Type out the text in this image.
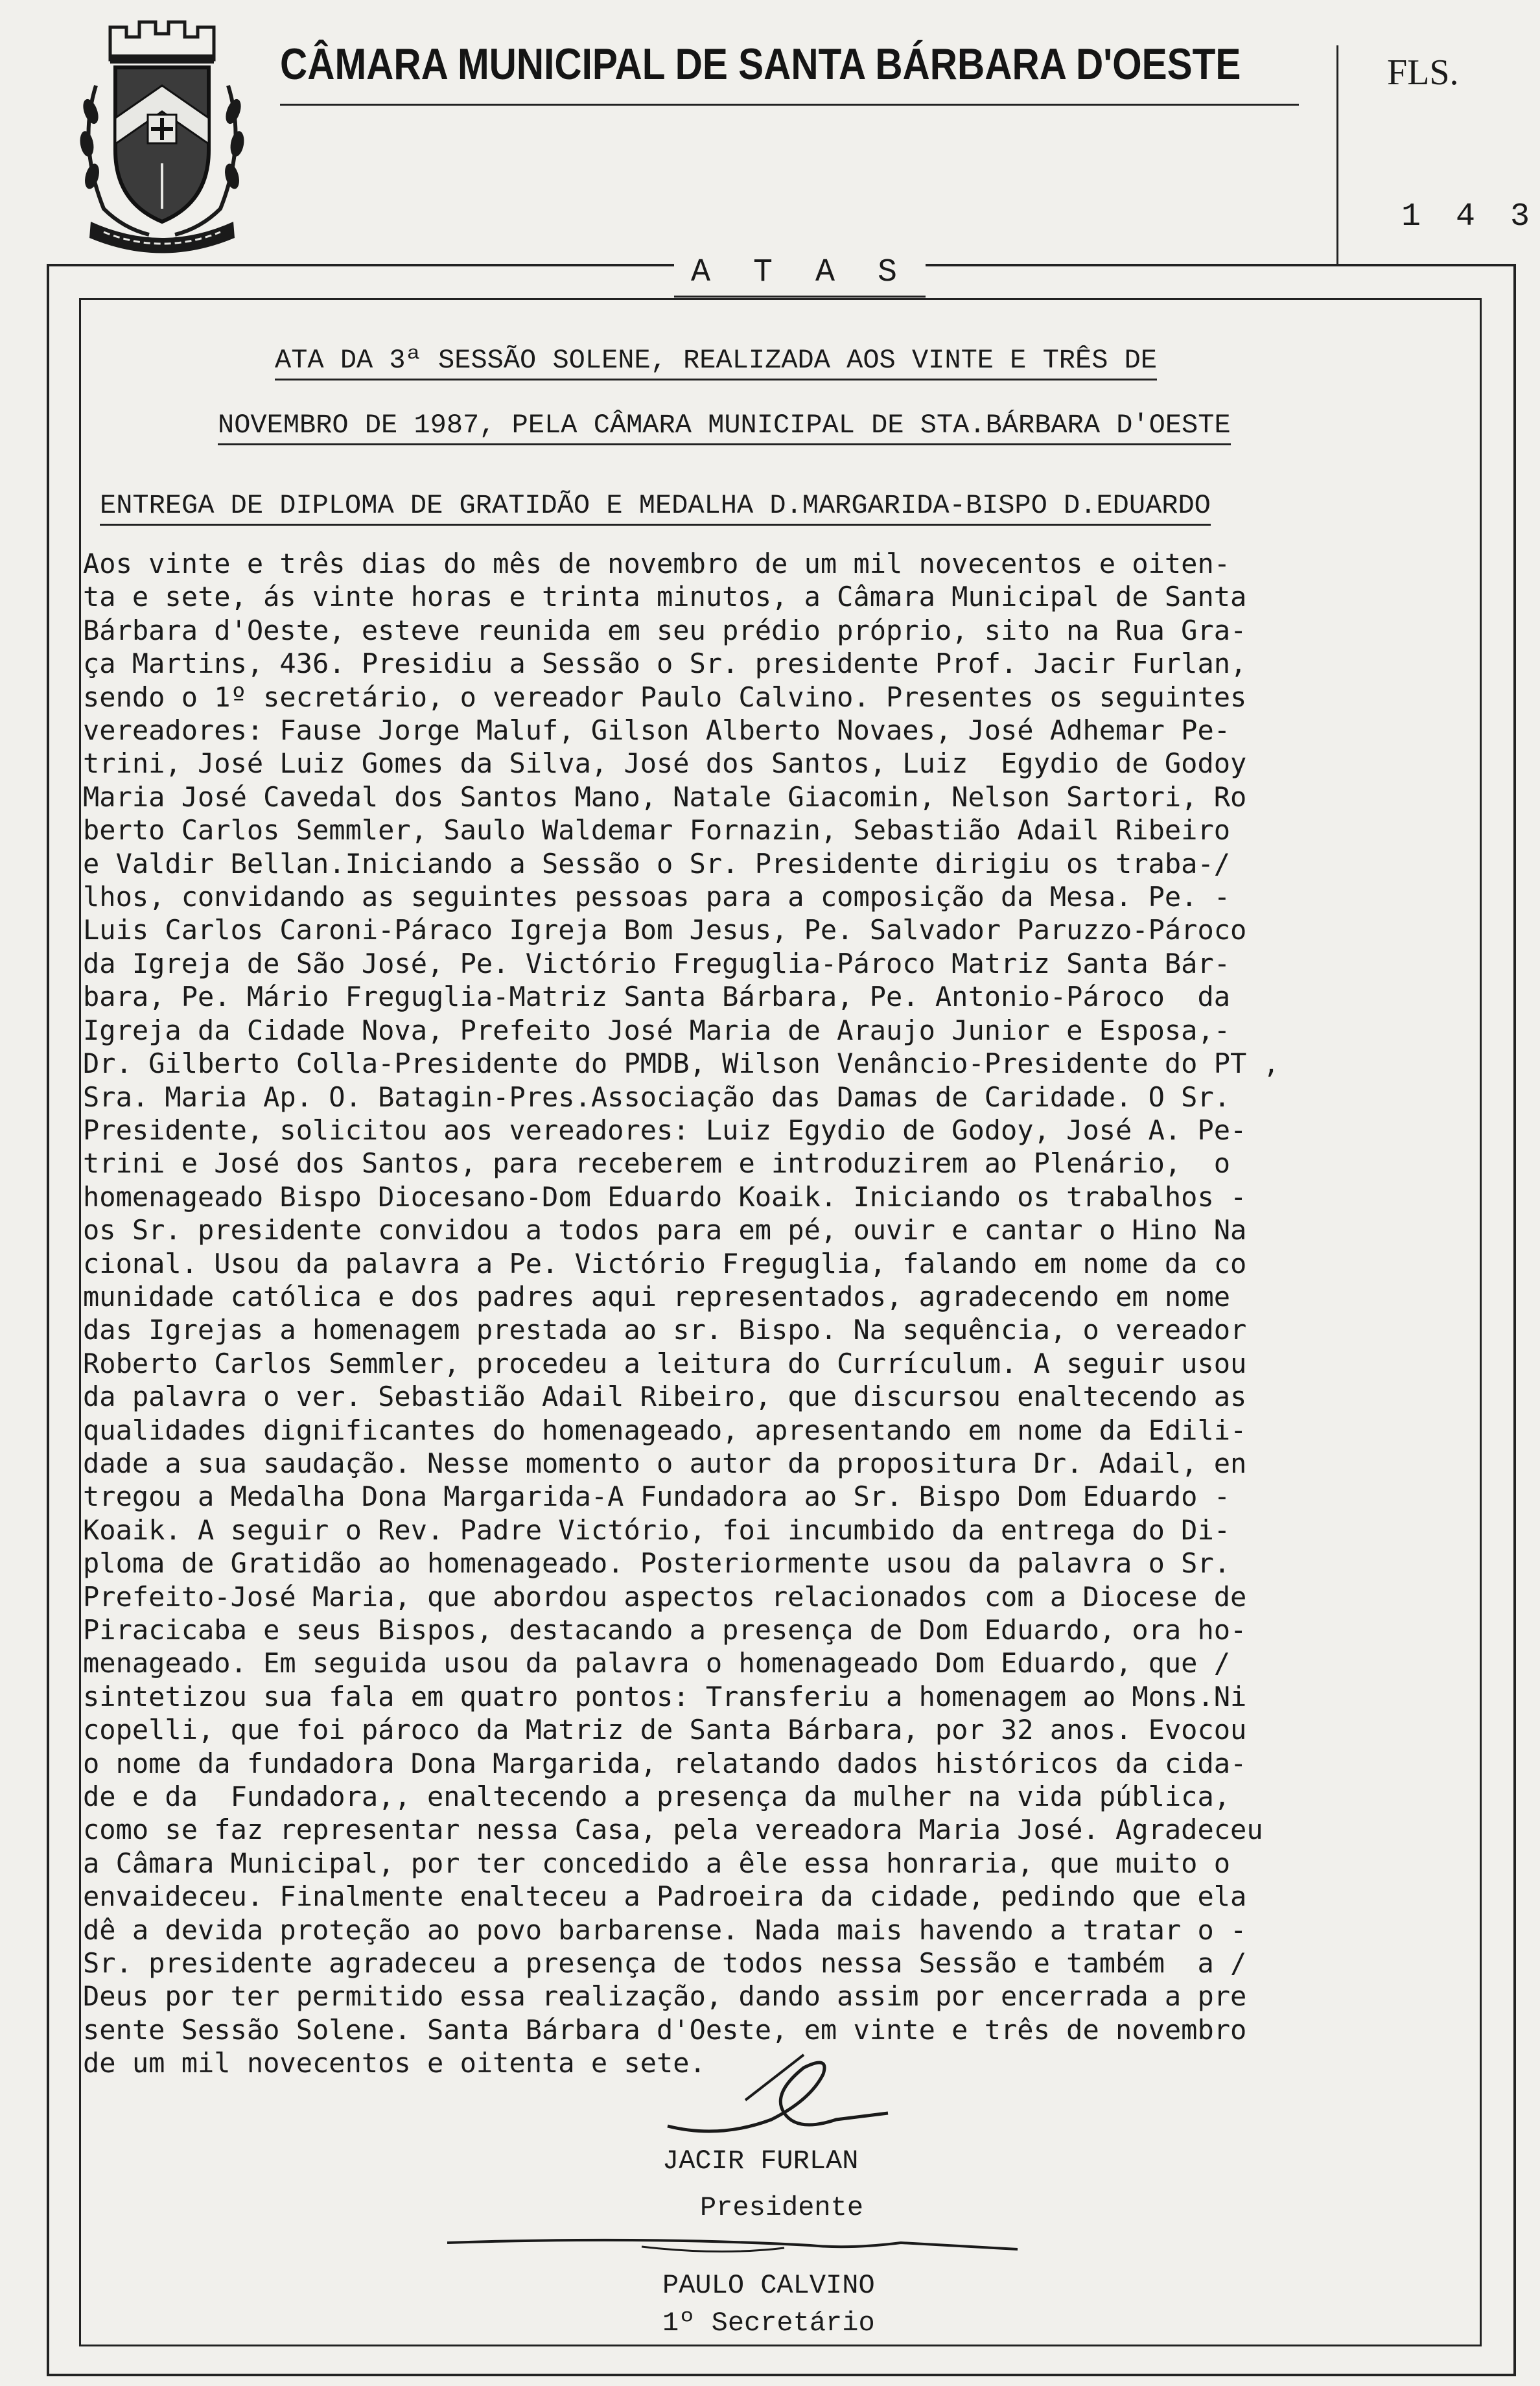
CÂMARA MUNICIPAL DE SANTA BÁRBARA D'OESTE	FLS.
1 4 3
A T A S
ATA DA 3ª SESSÃO SOLENE, REALIZADA AOS VINTE E TRÊS DE
NOVEMBRO DE 1987, PELA CÂMARA MUNICIPAL DE STA.BÁRBARA D'OESTE
ENTREGA DE DIPLOMA DE GRATIDÃO E MEDALHA D.MARGARIDA-BISPO D.EDUARDO
Aos vinte e três dias do mês de novembro de um mil novecentos e oiten-
ta e sete, ás vinte horas e trinta minutos, a Câmara Municipal de Santa
Bárbara d'Oeste, esteve reunida em seu prédio próprio, sito na Rua Gra-
ça Martins, 436. Presidiu a Sessão o Sr. presidente Prof. Jacir Furlan,
sendo o 1º secretário, o vereador Paulo Calvino. Presentes os seguintes
vereadores: Fause Jorge Maluf, Gilson Alberto Novaes, José Adhemar Pe-
trini, José Luiz Gomes da Silva, José dos Santos, Luiz  Egydio de Godoy
Maria José Cavedal dos Santos Mano, Natale Giacomin, Nelson Sartori, Ro
berto Carlos Semmler, Saulo Waldemar Fornazin, Sebastião Adail Ribeiro
e Valdir Bellan.Iniciando a Sessão o Sr. Presidente dirigiu os traba-/
lhos, convidando as seguintes pessoas para a composição da Mesa. Pe. -
Luis Carlos Caroni-Páraco Igreja Bom Jesus, Pe. Salvador Paruzzo-Pároco
da Igreja de São José, Pe. Victório Freguglia-Pároco Matriz Santa Bár-
bara, Pe. Mário Freguglia-Matriz Santa Bárbara, Pe. Antonio-Pároco  da
Igreja da Cidade Nova, Prefeito José Maria de Araujo Junior e Esposa,-
Dr. Gilberto Colla-Presidente do PMDB, Wilson Venâncio-Presidente do PT ,
Sra. Maria Ap. O. Batagin-Pres.Associação das Damas de Caridade. O Sr.
Presidente, solicitou aos vereadores: Luiz Egydio de Godoy, José A. Pe-
trini e José dos Santos, para receberem e introduzirem ao Plenário,  o
homenageado Bispo Diocesano-Dom Eduardo Koaik. Iniciando os trabalhos -
os Sr. presidente convidou a todos para em pé, ouvir e cantar o Hino Na
cional. Usou da palavra a Pe. Victório Freguglia, falando em nome da co
munidade católica e dos padres aqui representados, agradecendo em nome
das Igrejas a homenagem prestada ao sr. Bispo. Na sequência, o vereador
Roberto Carlos Semmler, procedeu a leitura do Currículum. A seguir usou
da palavra o ver. Sebastião Adail Ribeiro, que discursou enaltecendo as
qualidades dignificantes do homenageado, apresentando em nome da Edili-
dade a sua saudação. Nesse momento o autor da propositura Dr. Adail, en
tregou a Medalha Dona Margarida-A Fundadora ao Sr. Bispo Dom Eduardo -
Koaik. A seguir o Rev. Padre Victório, foi incumbido da entrega do Di-
ploma de Gratidão ao homenageado. Posteriormente usou da palavra o Sr.
Prefeito-José Maria, que abordou aspectos relacionados com a Diocese de
Piracicaba e seus Bispos, destacando a presença de Dom Eduardo, ora ho-
menageado. Em seguida usou da palavra o homenageado Dom Eduardo, que /
sintetizou sua fala em quatro pontos: Transferiu a homenagem ao Mons.Ni
copelli, que foi pároco da Matriz de Santa Bárbara, por 32 anos. Evocou
o nome da fundadora Dona Margarida, relatando dados históricos da cida-
de e da  Fundadora,, enaltecendo a presença da mulher na vida pública,
como se faz representar nessa Casa, pela vereadora Maria José. Agradeceu
a Câmara Municipal, por ter concedido a êle essa honraria, que muito o
envaideceu. Finalmente enalteceu a Padroeira da cidade, pedindo que ela
dê a devida proteção ao povo barbarense. Nada mais havendo a tratar o -
Sr. presidente agradeceu a presença de todos nessa Sessão e também  a /
Deus por ter permitido essa realização, dando assim por encerrada a pre
sente Sessão Solene. Santa Bárbara d'Oeste, em vinte e três de novembro
de um mil novecentos e oitenta e sete.
JACIR FURLAN
Presidente
PAULO CALVINO
1º Secretário
